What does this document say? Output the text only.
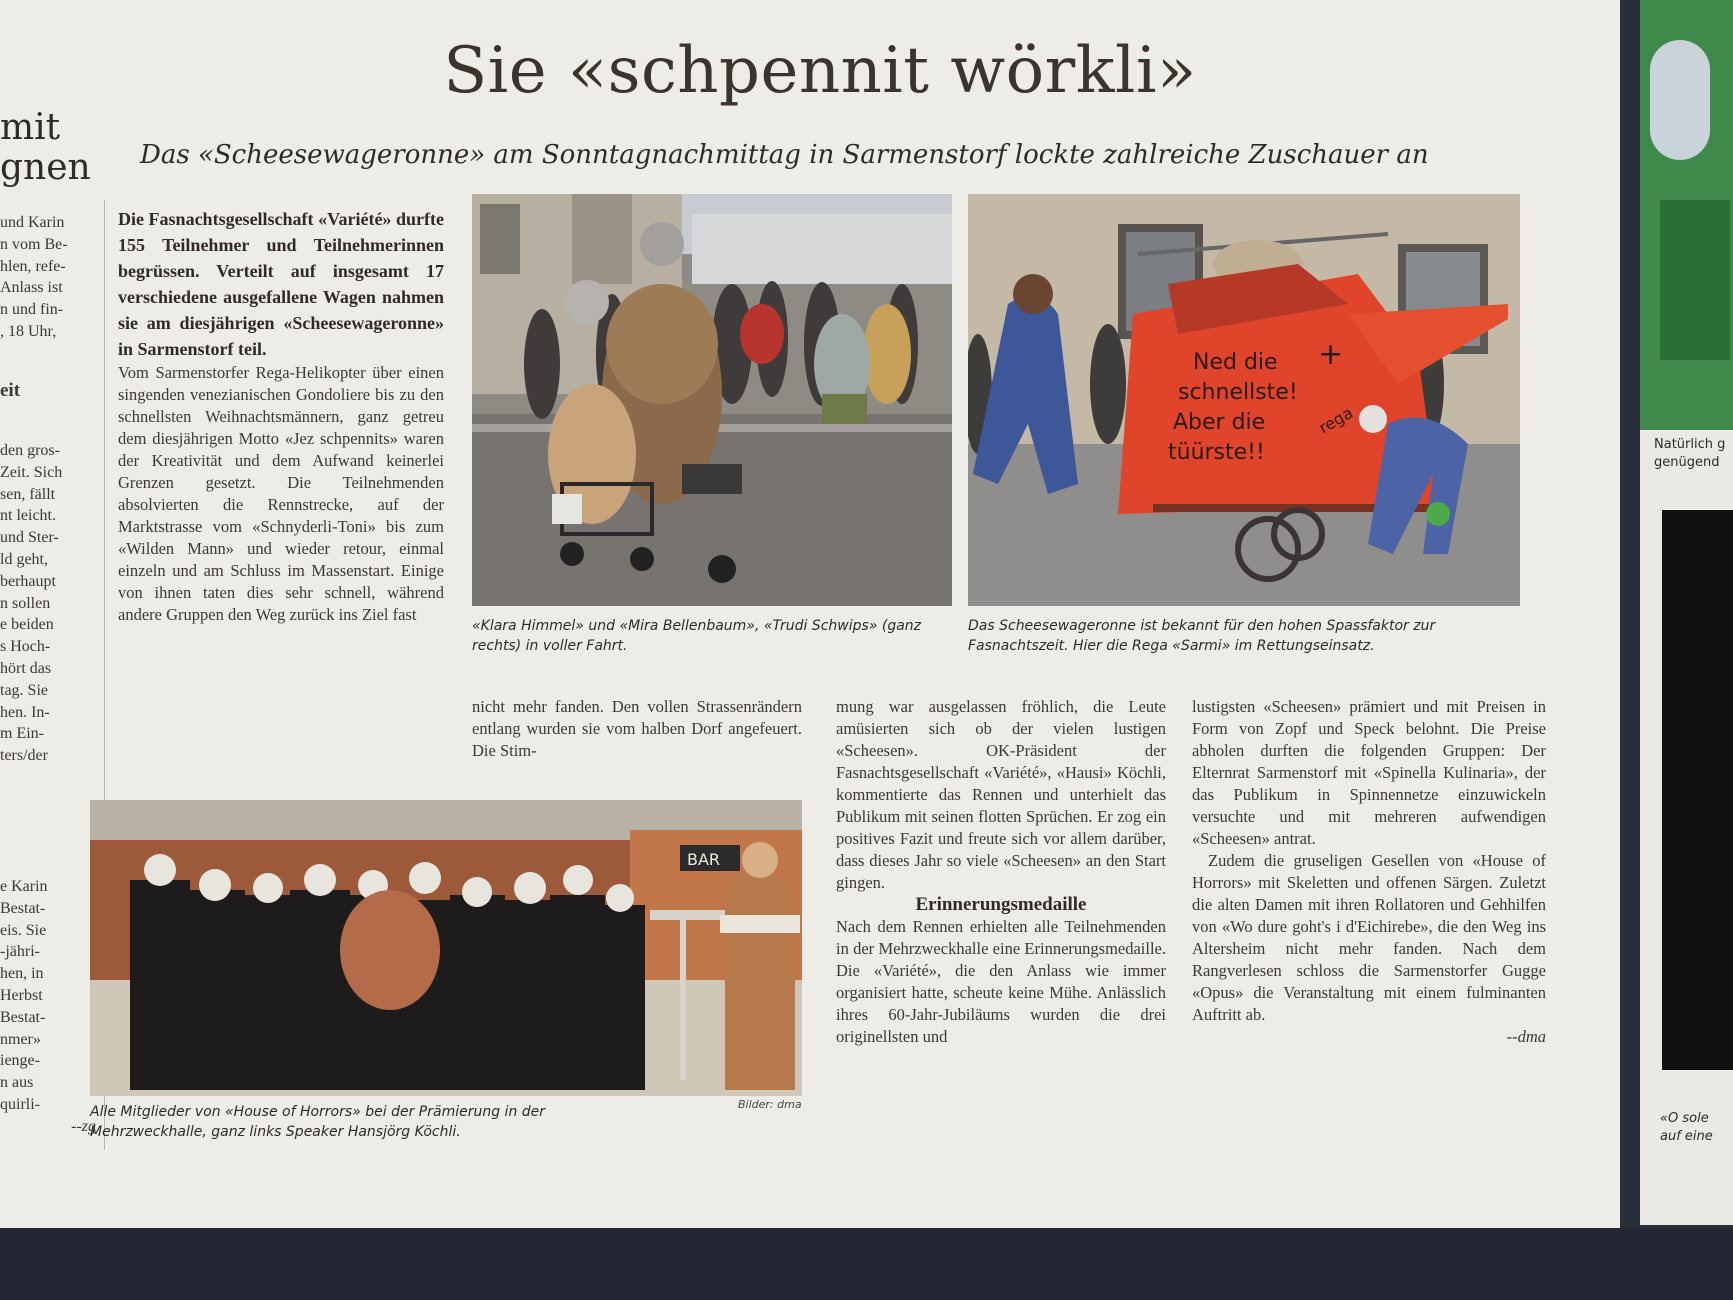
mit
gnen
und Karin
n vom Be-
hlen, refe-
Anlass ist
n und fin-
, 18 Uhr,
eit
den gros-
Zeit. Sich
sen, fällt
nt leicht.
und Ster-
ld geht,
berhaupt
n sollen
e beiden
s Hoch-
hört das
tag. Sie
hen. In-
m Ein-
ters/der
e Karin
Bestat-
eis. Sie
-jähri-
hen, in
Herbst
Bestat-
nmer»
ienge-
n aus
quirli-
--zg
Sie «schpennit wörkli»
Das «Scheesewageronne» am Sonntagnachmittag in Sarmenstorf lockte zahlreiche Zuschauer an

Die Fasnachtsgesellschaft «Variété» durfte 155 Teilnehmer und Teilnehmerinnen begrüssen. Verteilt auf insgesamt 17 verschiedene ausgefallene Wagen nahmen sie am diesjährigen «Scheesewageronne» in Sarmenstorf teil.

Vom Sarmenstorfer Rega-Helikopter über einen singenden venezianischen Gondoliere bis zu den schnellsten Weihnachtsmännern, ganz getreu dem diesjährigen Motto «Jez schpennits» waren der Kreativität und dem Aufwand keinerlei Grenzen gesetzt. Die Teilnehmenden absolvierten die Rennstrecke, auf der Marktstrasse vom «Schnyderli-Toni» bis zum «Wilden Mann» und wieder retour, einmal einzeln und am Schluss im Massenstart. Einige von ihnen taten dies sehr schnell, während andere Gruppen den Weg zurück ins Ziel fast

Ned die
schnellste!
Aber die
tüürste!!
rega
+
«Klara Himmel» und «Mira Bellenbaum», «Trudi Schwips» (ganz rechts) in voller Fahrt.
Das Scheesewageronne ist bekannt für den hohen Spassfaktor zur Fasnachtszeit. Hier die Rega «Sarmi» im Rettungseinsatz.

nicht mehr fanden. Den vollen Strassenrändern entlang wurden sie vom halben Dorf angefeuert. Die Stim-

BAR
Alle Mitglieder von «House of Horrors» bei der Prämierung in der Mehrzweckhalle, ganz links Speaker Hansjörg Köchli.
Bilder: dma

mung war ausgelassen fröhlich, die Leute amüsierten sich ob der vielen lustigen «Scheesen». OK-Präsident der Fasnachtsgesellschaft «Variété», «Hausi» Köchli, kommentierte das Rennen und unterhielt das Publikum mit seinen flotten Sprüchen. Er zog ein positives Fazit und freute sich vor allem darüber, dass dieses Jahr so viele «Scheesen» an den Start gingen.

Erinnerungsmedaille

Nach dem Rennen erhielten alle Teilnehmenden in der Mehrzweckhalle eine Erinnerungsmedaille. Die «Variété», die den Anlass wie immer organisiert hatte, scheute keine Mühe. Anlässlich ihres 60-Jahr-Jubiläums wurden die drei originellsten und

lustigsten «Scheesen» prämiert und mit Preisen in Form von Zopf und Speck belohnt. Die Preise abholen durften die folgenden Gruppen: Der Elternrat Sarmenstorf mit «Spinella Kulinaria», der das Publikum in Spinnennetze einzuwickeln versuchte und mit mehreren aufwendigen «Scheesen» antrat.

Zudem die gruseligen Gesellen von «House of Horrors» mit Skeletten und offenen Särgen. Zuletzt die alten Damen mit ihren Rollatoren und Gehhilfen von «Wo dure goht's i d'Eichirebe», die den Weg ins Altersheim nicht mehr fanden. Nach dem Rangverlesen schloss die Sarmenstorfer Gugge «Opus» die Veranstaltung mit einem fulminanten Auftritt ab.

--dma

Natürlich g
genügend
«O sole
auf eine
